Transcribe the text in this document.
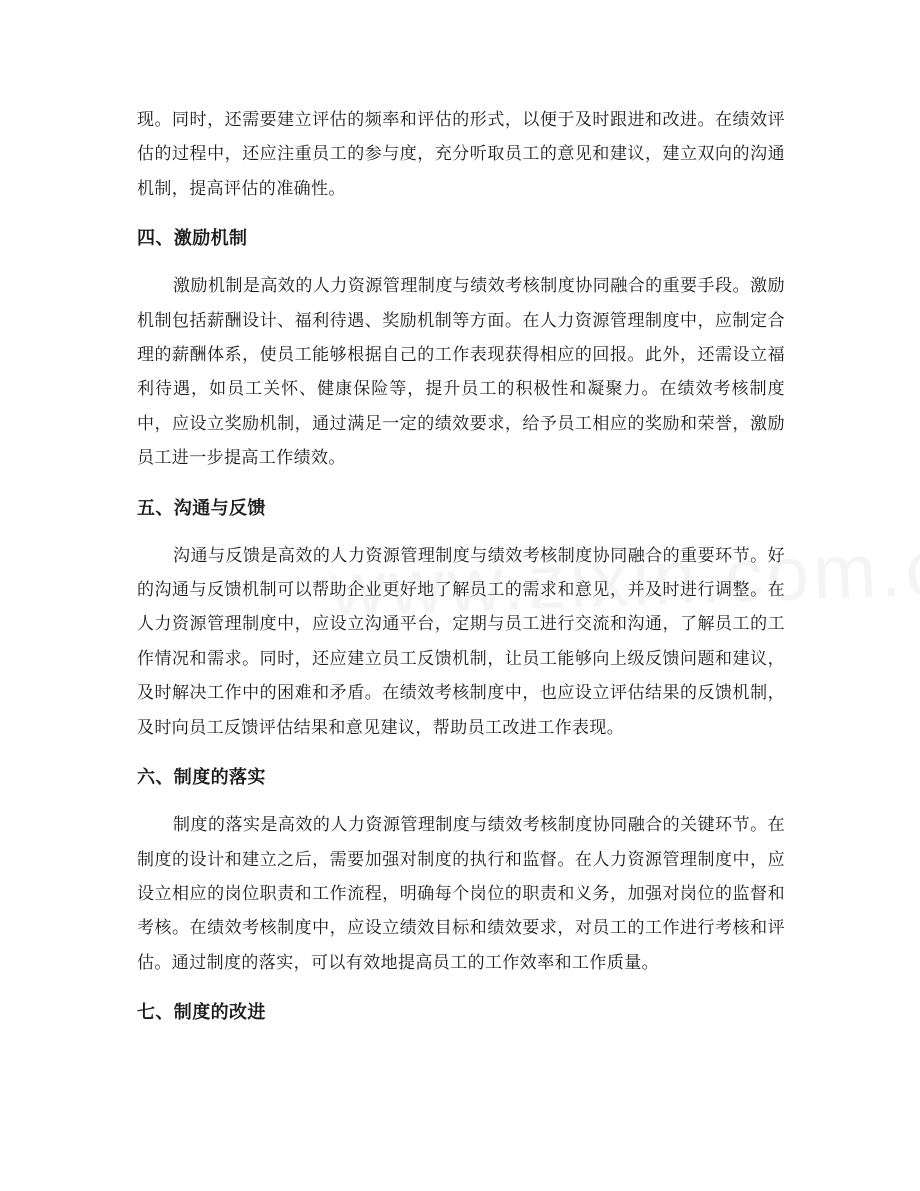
现。同时，还需要建立评估的频率和评估的形式，以便于及时跟进和改进。在绩效评估的过程中，还应注重员工的参与度，充分听取员工的意见和建议，建立双向的沟通机制，提高评估的准确性。

四、激励机制

激励机制是高效的人力资源管理制度与绩效考核制度协同融合的重要手段。激励机制包括薪酬设计、福利待遇、奖励机制等方面。在人力资源管理制度中，应制定合理的薪酬体系，使员工能够根据自己的工作表现获得相应的回报。此外，还需设立福利待遇，如员工关怀、健康保险等，提升员工的积极性和凝聚力。在绩效考核制度中，应设立奖励机制，通过满足一定的绩效要求，给予员工相应的奖励和荣誉，激励员工进一步提高工作绩效。

五、沟通与反馈

沟通与反馈是高效的人力资源管理制度与绩效考核制度协同融合的重要环节。好的沟通与反馈机制可以帮助企业更好地了解员工的需求和意见，并及时进行调整。在人力资源管理制度中，应设立沟通平台，定期与员工进行交流和沟通，了解员工的工作情况和需求。同时，还应建立员工反馈机制，让员工能够向上级反馈问题和建议，及时解决工作中的困难和矛盾。在绩效考核制度中，也应设立评估结果的反馈机制，及时向员工反馈评估结果和意见建议，帮助员工改进工作表现。

六、制度的落实

制度的落实是高效的人力资源管理制度与绩效考核制度协同融合的关键环节。在制度的设计和建立之后，需要加强对制度的执行和监督。在人力资源管理制度中，应设立相应的岗位职责和工作流程，明确每个岗位的职责和义务，加强对岗位的监督和考核。在绩效考核制度中，应设立绩效目标和绩效要求，对员工的工作进行考核和评估。通过制度的落实，可以有效地提高员工的工作效率和工作质量。

七、制度的改进
